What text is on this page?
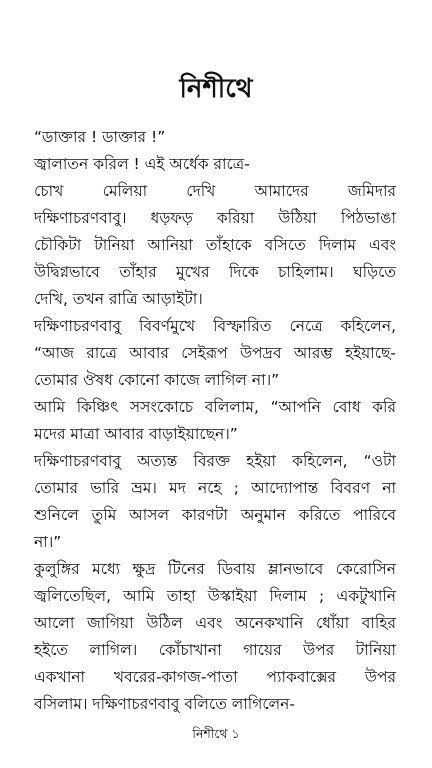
নিশীথে

“ডাক্তার ! ডাক্তার !”

জ্বালাতন করিল ! এই অর্ধেক রাত্রে-

চোখ মেলিয়া দেখি আমাদের জমিদার
দক্ষিণাচরণবাবু। ধড়ফড় করিয়া উঠিয়া পিঠভাঙা
চৌকিটা টানিয়া আনিয়া তাঁহাকে বসিতে দিলাম এবং
উদ্বিগ্নভাবে তাঁহার মুখের দিকে চাহিলাম। ঘড়িতে
দেখি, তখন রাত্রি আড়াইটা।

দক্ষিণাচরণবাবু বিবর্ণমুখে বিস্ফারিত নেত্রে কহিলেন,
“আজ রাত্রে আবার সেইরূপ উপদ্রব আরম্ভ হইয়াছে-
তোমার ঔষধ কোনো কাজে লাগিল না।”

আমি কিঞ্চিৎ সসংকোচে বলিলাম, “আপনি বোধ করি
মদের মাত্রা আবার বাড়াইয়াছেন।”

দক্ষিণাচরণবাবু অত্যন্ত বিরক্ত হইয়া কহিলেন, “ওটা
তোমার ভারি ভ্রম। মদ নহে ; আদ্যোপান্ত বিবরণ না
শুনিলে তুমি আসল কারণটা অনুমান করিতে পারিবে
না।”

কুলুঙ্গির মধ্যে ক্ষুদ্র টিনের ডিবায় ম্লানভাবে কেরোসিন
জ্বলিতেছিল, আমি তাহা উস্কাইয়া দিলাম ; একটুখানি
আলো জাগিয়া উঠিল এবং অনেকখানি ধোঁয়া বাহির
হইতে লাগিল। কোঁচাখানা গায়ের উপর টানিয়া
একখানা খবরের-কাগজ-পাতা প্যাকবাক্সের উপর
বসিলাম। দক্ষিণাচরণবাবু বলিতে লাগিলেন-

নিশীথে ১
